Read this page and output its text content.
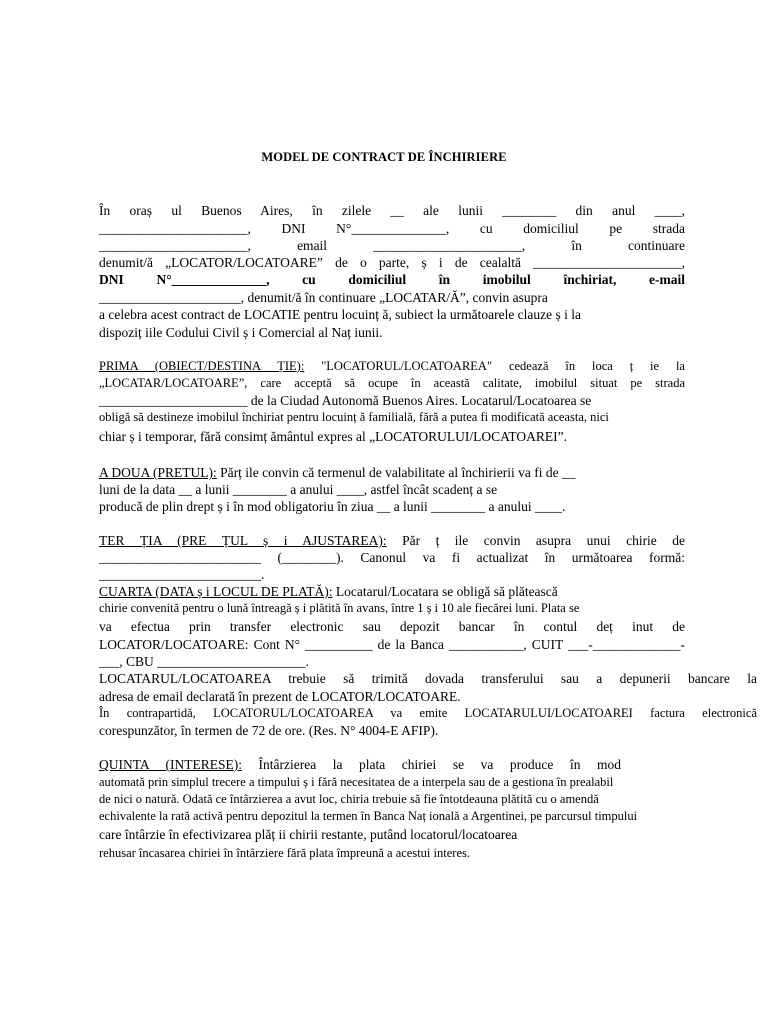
MODEL DE CONTRACT DE ÎNCHIRIERE
În oraș ul Buenos Aires, în zilele __ ale lunii ________ din anul ____,
______________________, DNI N°______________, cu domiciliul pe strada
______________________, email ______________________, în continuare
denumit/ă „LOCATOR/LOCATOARE” de o parte, ș i de cealaltă ______________________,
DNI N°______________, cu domiciliul în imobilul închiriat, e-mail
_____________________, denumit/ă în continuare „LOCATAR/Ă”, convin asupra
a celebra acest contract de LOCATIE pentru locuinț ă, subiect la următoarele clauze ș i la
dispoziț iile Codului Civil ș i Comercial al Naț iunii.
PRIMA (OBIECT/DESTINA ȚIE): "LOCATORUL/LOCATOAREA" cedează în loca ț ie la
„LOCATAR/LOCATOARE”, care acceptă să ocupe în această calitate, imobilul situat pe strada
______________________ de la Ciudad Autonomă Buenos Aires. Locatarul/Locatoarea se
obligă să destineze imobilul închiriat pentru locuinț ă familială, fără a putea fi modificată aceasta, nici
chiar ș i temporar, fără consimț ământul expres al „LOCATORULUI/LOCATOAREI”.
A DOUA (PRETUL): Părț ile convin că termenul de valabilitate al închirierii va fi de __
luni de la data __ a lunii ________ a anului ____, astfel încât scadenț a se
producă de plin drept ș i în mod obligatoriu în ziua __ a lunii ________ a anului ____.
TER ȚIA (PRE ȚUL ș i AJUSTAREA): Păr ț ile convin asupra unui chirie de
________________________ (________). Canonul va fi actualizat în următoarea formă:
________________________.
CUARTA (DATA ș i LOCUL DE PLATĂ): Locatarul/Locatara se obligă să plătească
chirie convenită pentru o lună întreagă ș i plătită în avans, între 1 ș i 10 ale fiecărei luni. Plata se
va efectua prin transfer electronic sau depozit bancar în contul deț inut de
LOCATOR/LOCATOARE: Cont N° __________ de la Banca ___________, CUIT ___-_____________-
___, CBU ______________________.
LOCATARUL/LOCATOAREA trebuie să trimită dovada transferului sau a depunerii bancare la
adresa de email declarată în prezent de LOCATOR/LOCATOARE.
În contrapartidă, LOCATORUL/LOCATOAREA va emite LOCATARULUI/LOCATOAREI factura electronică
corespunzător, în termen de 72 de ore. (Res. N° 4004-E AFIP).
QUINTA (INTERESE): Întârzierea la plata chiriei se va produce în mod
automată prin simplul trecere a timpului ș i fără necesitatea de a interpela sau de a gestiona în prealabil
de nici o natură. Odată ce întârzierea a avut loc, chiria trebuie să fie întotdeauna plătită cu o amendă
echivalente la rată activă pentru depozitul la termen în Banca Naț ională a Argentinei, pe parcursul timpului
care întârzie în efectivizarea plăț ii chirii restante, putând locatorul/locatoarea
rehusar încasarea chiriei în întârziere fără plata împreună a acestui interes.
